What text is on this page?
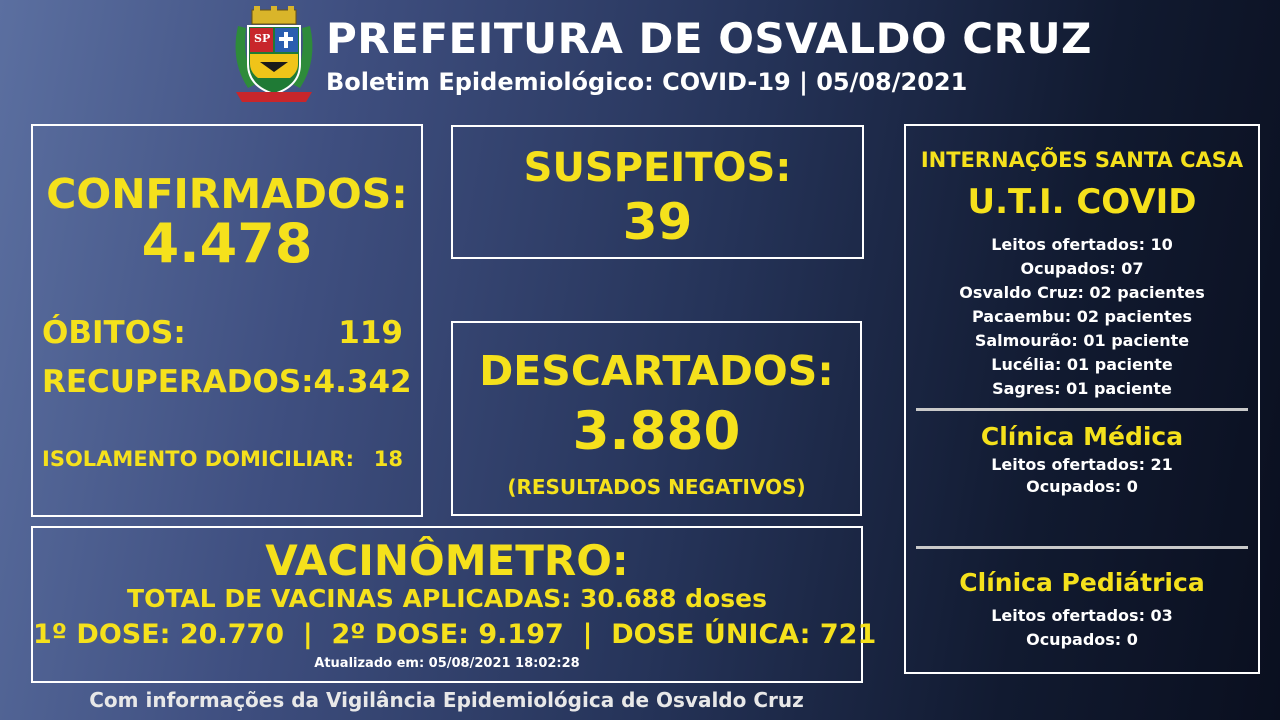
SP PREFEITURA DE OSVALDO CRUZ
Boletim Epidemiológico: COVID-19 | 05/08/2021
CONFIRMADOS:
4.478
ÓBITOS:	119
RECUPERADOS: 4.342
ISOLAMENTO DOMICILIAR: 18
SUSPEITOS:
39
DESCARTADOS:
3.880
(RESULTADOS NEGATIVOS)
VACINÔMETRO:
TOTAL DE VACINAS APLICADAS: 30.688 doses
1º DOSE: 20.770  |  2º DOSE: 9.197  |  DOSE ÚNICA: 721
Atualizado em: 05/08/2021 18:02:28
INTERNAÇÕES SANTA CASA
U.T.I. COVID
Leitos ofertados: 10
Ocupados: 07
Osvaldo Cruz: 02 pacientes
Pacaembu: 02 pacientes
Salmourão: 01 paciente
Lucélia: 01 paciente
Sagres: 01 paciente
Clínica Médica
Leitos ofertados: 21
Ocupados: 0
Clínica Pediátrica
Leitos ofertados: 03
Ocupados: 0
Com informações da Vigilância Epidemiológica de Osvaldo Cruz
